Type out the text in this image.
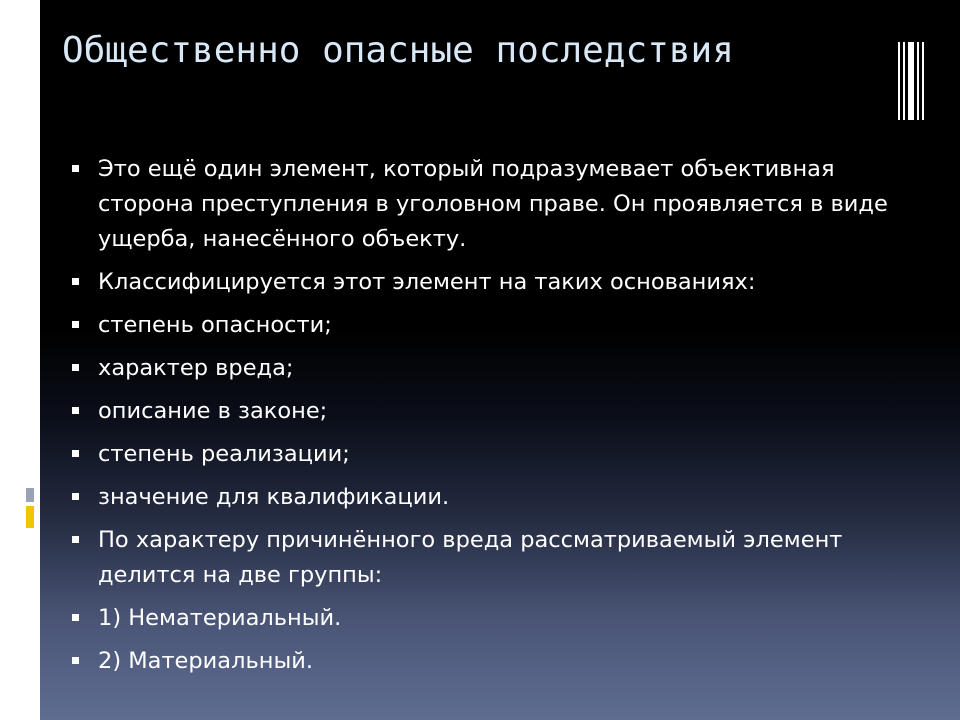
Общественно опасные последствия
Это ещё один элемент, который подразумевает объективная сторона преступления в уголовном праве. Он проявляется в виде ущерба, нанесённого объекту.
Классифицируется этот элемент на таких основаниях:
степень опасности;
характер вреда;
описание в законе;
степень реализации;
значение для квалификации.
По характеру причинённого вреда рассматриваемый элемент делится на две группы:
1) Нематериальный.
2) Материальный.
